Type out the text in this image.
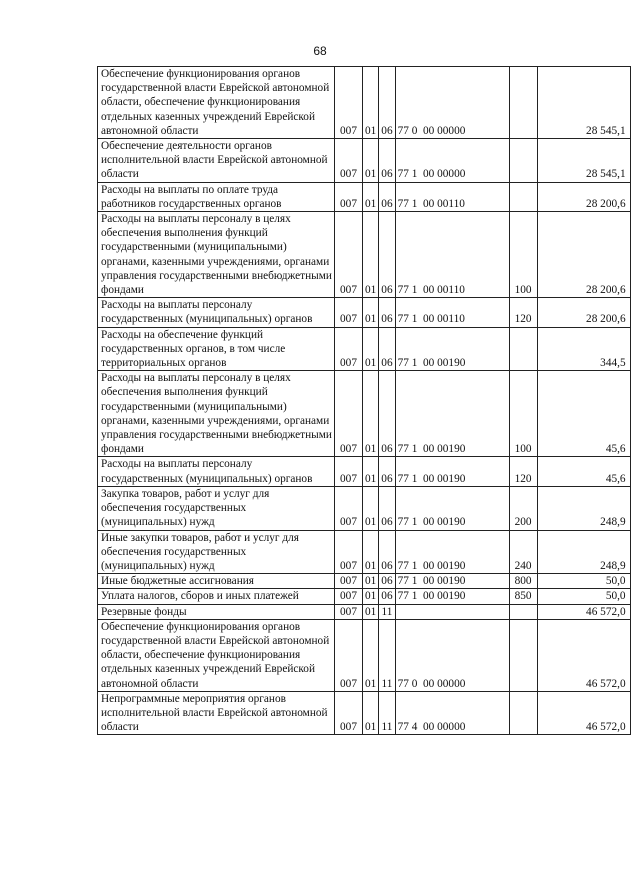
68
Обеспечение функционирования органов государственной власти Еврейской автономной области, обеспечение функционирования отдельных казенных учреждений Еврейской автономной области	007	01	06	77 0  00 00000		28 545,1
Обеспечение деятельности органов исполнительной власти Еврейской автономной области	007	01	06	77 1  00 00000		28 545,1
Расходы на выплаты по оплате труда работников государственных органов	007	01	06	77 1  00 00110		28 200,6
Расходы на выплаты персоналу в целях обеспечения выполнения функций государственными (муниципальными) органами, казенными учреждениями, органами управления государственными внебюджетными фондами	007	01	06	77 1  00 00110	100	28 200,6
Расходы на выплаты персоналу государственных (муниципальных) органов	007	01	06	77 1  00 00110	120	28 200,6
Расходы на обеспечение функций государственных органов, в том числе территориальных органов	007	01	06	77 1  00 00190		344,5
Расходы на выплаты персоналу в целях обеспечения выполнения функций государственными (муниципальными) органами, казенными учреждениями, органами управления государственными внебюджетными фондами	007	01	06	77 1  00 00190	100	45,6
Расходы на выплаты персоналу государственных (муниципальных) органов	007	01	06	77 1  00 00190	120	45,6
Закупка товаров, работ и услуг для обеспечения государственных (муниципальных) нужд	007	01	06	77 1  00 00190	200	248,9
Иные закупки товаров, работ и услуг для обеспечения государственных (муниципальных) нужд	007	01	06	77 1  00 00190	240	248,9
Иные бюджетные ассигнования	007	01	06	77 1  00 00190	800	50,0
Уплата налогов, сборов и иных платежей	007	01	06	77 1  00 00190	850	50,0
Резервные фонды	007	01	11			46 572,0
Обеспечение функционирования органов государственной власти Еврейской автономной области, обеспечение функционирования отдельных казенных учреждений Еврейской автономной области	007	01	11	77 0  00 00000		46 572,0
Непрограммные мероприятия органов исполнительной власти Еврейской автономной области	007	01	11	77 4  00 00000		46 572,0
